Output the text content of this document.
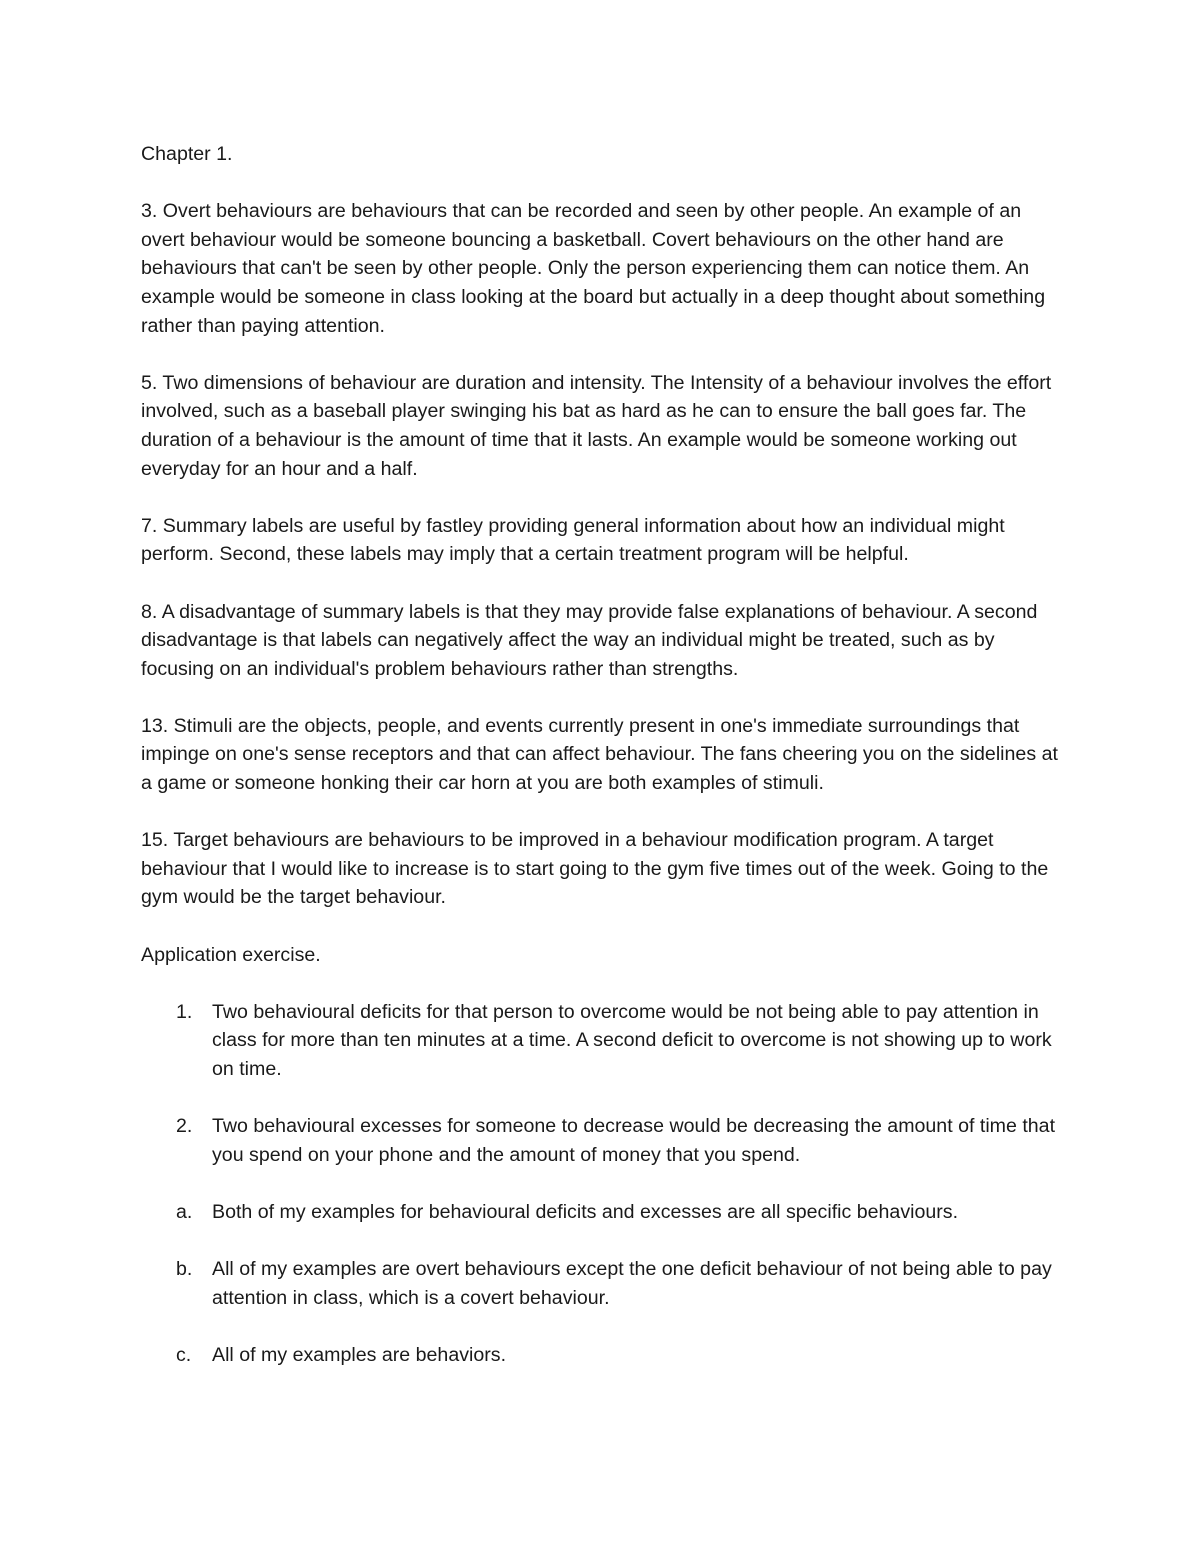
Chapter 1.

3. Overt behaviours are behaviours that can be recorded and seen by other people. An example of an overt behaviour would be someone bouncing a basketball. Covert behaviours on the other hand are behaviours that can't be seen by other people. Only the person experiencing them can notice them. An example would be someone in class looking at the board but actually in a deep thought about something rather than paying attention.

5. Two dimensions of behaviour are duration and intensity. The Intensity of a behaviour involves the effort involved, such as a baseball player swinging his bat as hard as he can to ensure the ball goes far. The duration of a behaviour is the amount of time that it lasts. An example would be someone working out everyday for an hour and a half.

7. Summary labels are useful by fastley providing general information about how an individual might perform. Second, these labels may imply that a certain treatment program will be helpful.

8. A disadvantage of summary labels is that they may provide false explanations of behaviour. A second disadvantage is that labels can negatively affect the way an individual might be treated, such as by focusing on an individual's problem behaviours rather than strengths.

13. Stimuli are the objects, people, and events currently present in one's immediate surroundings that impinge on one's sense receptors and that can affect behaviour. The fans cheering you on the sidelines at a game or someone honking their car horn at you are both examples of stimuli.

15. Target behaviours are behaviours to be improved in a behaviour modification program. A target behaviour that I would like to increase is to start going to the gym five times out of the week. Going to the gym would be the target behaviour.

Application exercise.

1. Two behavioural deficits for that person to overcome would be not being able to pay attention in class for more than ten minutes at a time. A second deficit to overcome is not showing up to work on time.
2. Two behavioural excesses for someone to decrease would be decreasing the amount of time that you spend on your phone and the amount of money that you spend.
a. Both of my examples for behavioural deficits and excesses are all specific behaviours.
b. All of my examples are overt behaviours except the one deficit behaviour of not being able to pay attention in class, which is a covert behaviour.
c. All of my examples are behaviors.
